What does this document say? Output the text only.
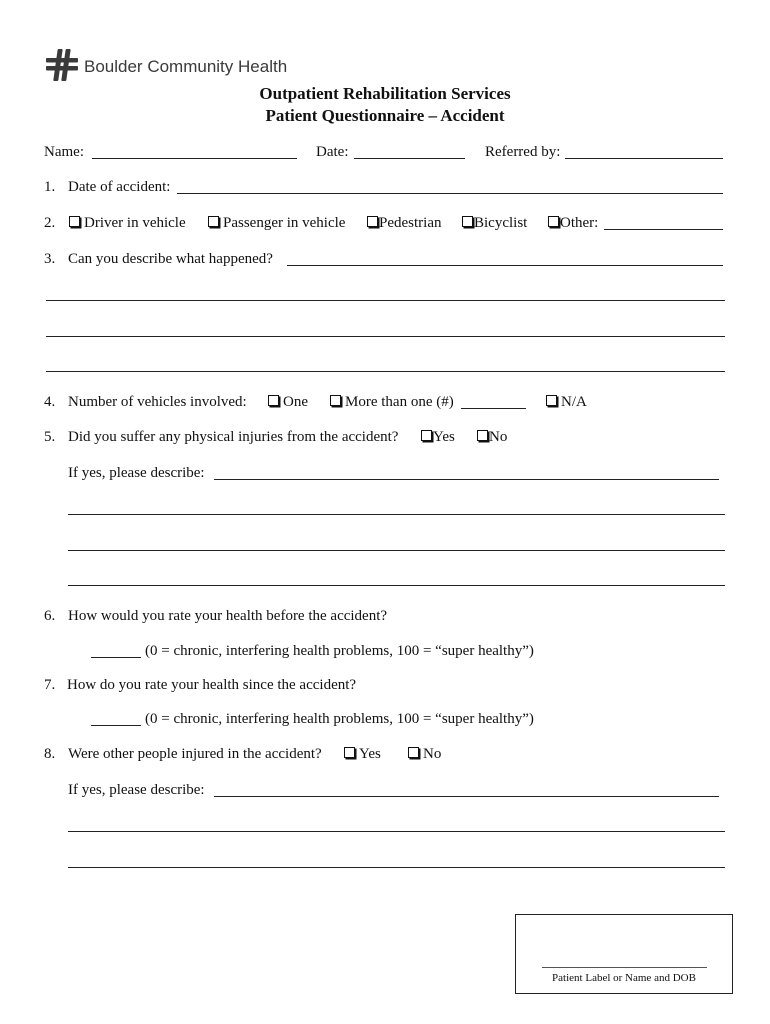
Boulder Community Health
Outpatient Rehabilitation Services
Patient Questionnaire – Accident
Name:	Date:	Referred by:
1. Date of accident:
2.	Driver in vehicle	Passenger in vehicle	Pedestrian	Bicyclist	Other:
3. Can you describe what happened?
4. Number of vehicles involved:	One	More than one (#)	N/A
5. Did you suffer any physical injuries from the accident?	Yes	No
If yes, please describe:
6. How would you rate your health before the accident?
(0 = chronic, interfering health problems, 100 = “super healthy”)
7. How do you rate your health since the accident?
(0 = chronic, interfering health problems, 100 = “super healthy”)
8. Were other people injured in the accident?	Yes	No
If yes, please describe:
Patient Label or Name and DOB
